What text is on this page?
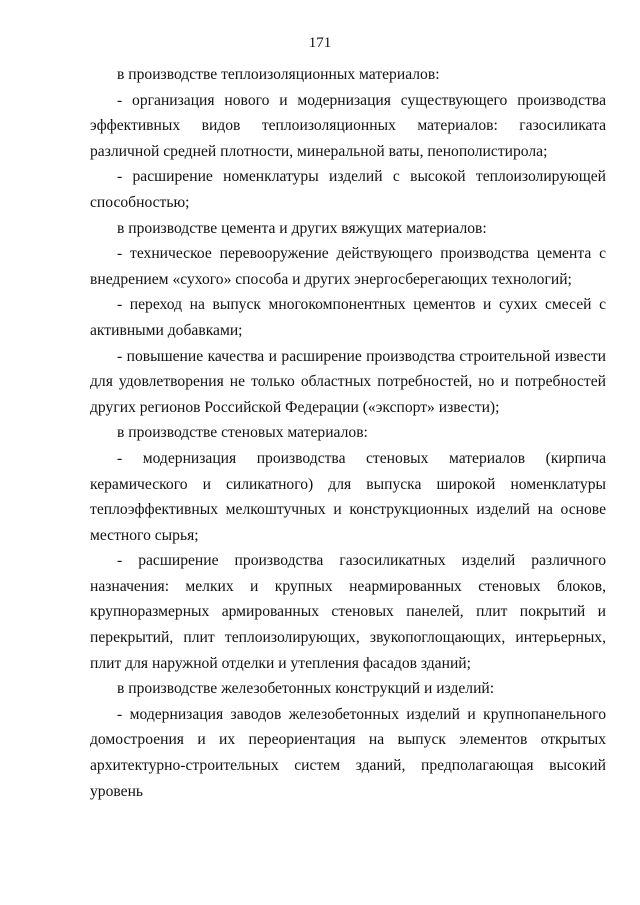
171

в производстве теплоизоляционных материалов:

- организация нового и модернизация существующего производства эффективных видов теплоизоляционных материалов: газосиликата различной средней плотности, минеральной ваты, пенополистирола;

- расширение номенклатуры изделий с высокой теплоизолирующей способностью;

в производстве цемента и других вяжущих материалов:

- техническое перевооружение действующего производства цемента с внедрением «сухого» способа и других энергосберегающих технологий;

- переход на выпуск многокомпонентных цементов и сухих смесей с активными добавками;

- повышение качества и расширение производства строительной извести для удовлетворения не только областных потребностей, но и потребностей других регионов Российской Федерации («экспорт» извести);

в производстве стеновых материалов:

- модернизация производства стеновых материалов (кирпича керамического и силикатного) для выпуска широкой номенклатуры теплоэффективных мелкоштучных и конструкционных изделий на основе местного сырья;

- расширение производства газосиликатных изделий различного назначения: мелких и крупных неармированных стеновых блоков, крупноразмерных армированных стеновых панелей, плит покрытий и перекрытий, плит теплоизолирующих, звукопоглощающих, интерьерных, плит для наружной отделки и утепления фасадов зданий;

в производстве железобетонных конструкций и изделий:

- модернизация заводов железобетонных изделий и крупнопанельного домостроения и их переориентация на выпуск элементов открытых архитектурно-строительных систем зданий, предполагающая высокий уровень
